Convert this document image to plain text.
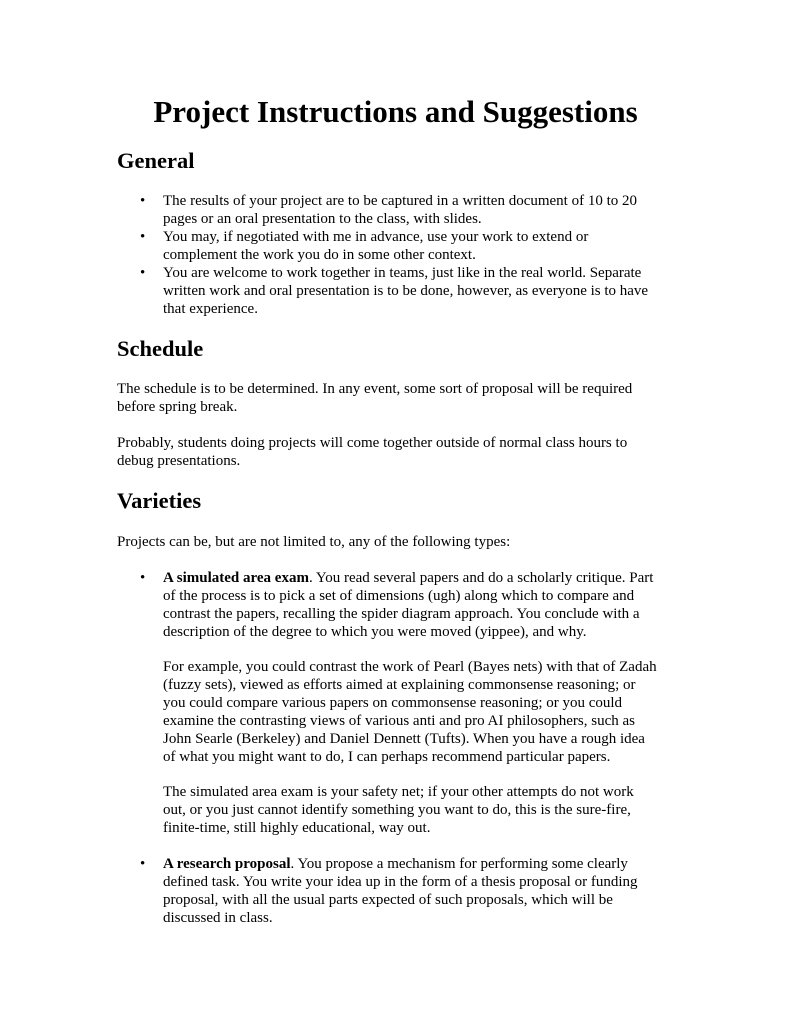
Project Instructions and Suggestions
General
• The results of your project are to be captured in a written document of 10 to 20
pages or an oral presentation to the class, with slides.
• You may, if negotiated with me in advance, use your work to extend or
complement the work you do in some other context.
• You are welcome to work together in teams, just like in the real world. Separate
written work and oral presentation is to be done, however, as everyone is to have
that experience.
Schedule
The schedule is to be determined. In any event, some sort of proposal will be required
before spring break.
Probably, students doing projects will come together outside of normal class hours to
debug presentations.
Varieties
Projects can be, but are not limited to, any of the following types:
• A simulated area exam. You read several papers and do a scholarly critique. Part
of the process is to pick a set of dimensions (ugh) along which to compare and
contrast the papers, recalling the spider diagram approach. You conclude with a
description of the degree to which you were moved (yippee), and why.
For example, you could contrast the work of Pearl (Bayes nets) with that of Zadah
(fuzzy sets), viewed as efforts aimed at explaining commonsense reasoning; or
you could compare various papers on commonsense reasoning; or you could
examine the contrasting views of various anti and pro AI philosophers, such as
John Searle (Berkeley) and Daniel Dennett (Tufts). When you have a rough idea
of what you might want to do, I can perhaps recommend particular papers.
The simulated area exam is your safety net; if your other attempts do not work
out, or you just cannot identify something you want to do, this is the sure-fire,
finite-time, still highly educational, way out.
• A research proposal. You propose a mechanism for performing some clearly
defined task. You write your idea up in the form of a thesis proposal or funding
proposal, with all the usual parts expected of such proposals, which will be
discussed in class.
